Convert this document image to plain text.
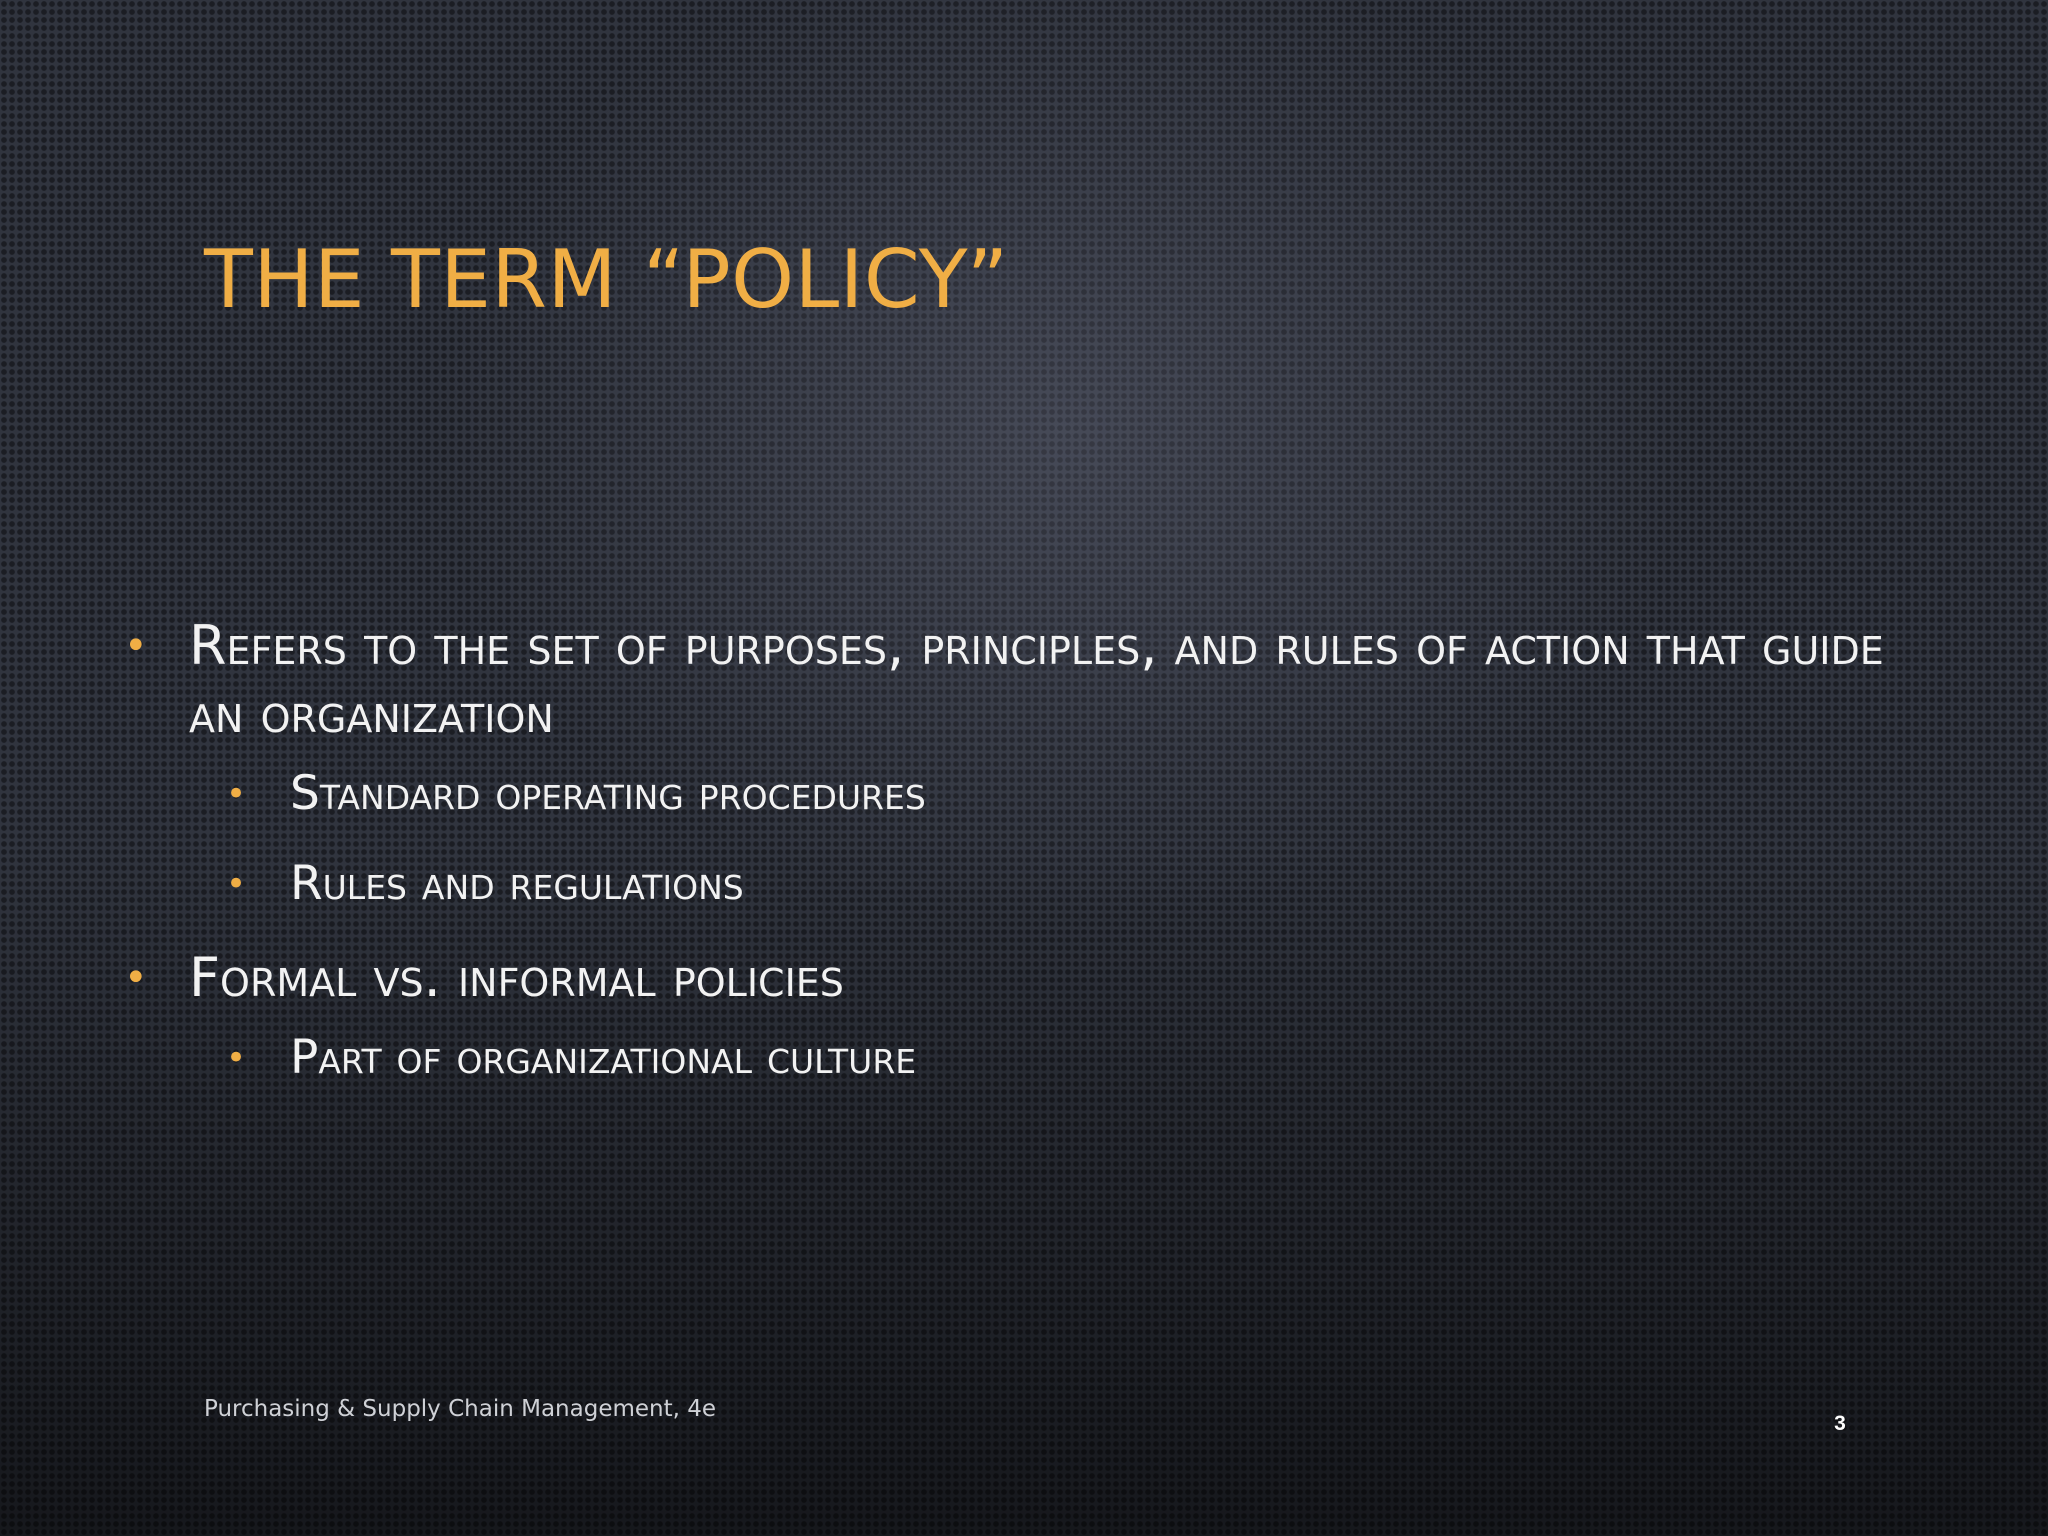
THE TERM “POLICY”

• Refers to the set of purposes, principles, and rules of action that guide an organization

• Standard operating procedures

• Rules and regulations

• Formal vs. informal policies

• Part of organizational culture

Purchasing & Supply Chain Management, 4e
3
